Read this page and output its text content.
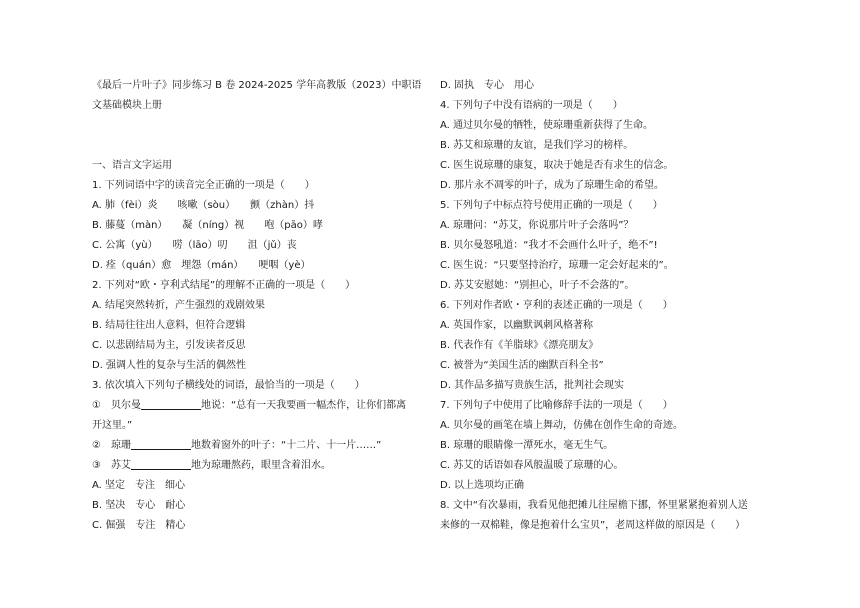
《最后一片叶子》同步练习 B 卷 2024-2025 学年高教版（2023）中职语
文基础模块上册
一、语言文字运用
1. 下列词语中字的读音完全正确的一项是（　　）
A. 肺（fèi）炎　　咳嗽（sòu）　　颤（zhàn）抖
B. 藤蔓（màn）　　凝（níng）视　　咆（pāo）哮
C. 公寓（yù）　　唠（lāo）叨　　沮（jǔ）丧
D. 痊（quán）愈　埋怨（mán）　　哽咽（yè）
2. 下列对“欧・亨利式结尾”的理解不正确的一项是（　　）
A. 结尾突然转折，产生强烈的戏剧效果
B. 结局往往出人意料，但符合逻辑
C. 以悲剧结局为主，引发读者反思
D. 强调人性的复杂与生活的偶然性
3. 依次填入下列句子横线处的词语，最恰当的一项是（　　）
①　贝尔曼	地说：“总有一天我要画一幅杰作，让你们都离
开这里。”
②　琼珊	地数着窗外的叶子：“十二片、十一片……”
③　苏艾	地为琼珊熬药，眼里含着泪水。
A. 坚定　专注　细心
B. 坚决　专心　耐心
C. 倔强　专注　精心
D. 固执　专心　用心
4. 下列句子中没有语病的一项是（　　）
A. 通过贝尔曼的牺牲，使琼珊重新获得了生命。
B. 苏艾和琼珊的友谊，是我们学习的榜样。
C. 医生说琼珊的康复，取决于她是否有求生的信念。
D. 那片永不凋零的叶子，成为了琼珊生命的希望。
5. 下列句子中标点符号使用正确的一项是（　　）
A. 琼珊问：“苏艾，你说那片叶子会落吗”？
B. 贝尔曼怒吼道：“我才不会画什么叶子，绝不”!
C. 医生说：“只要坚持治疗，琼珊一定会好起来的”。
D. 苏艾安慰她：“别担心，叶子不会落的”。
6. 下列对作者欧・亨利的表述正确的一项是（　　）
A. 英国作家，以幽默讽刺风格著称
B. 代表作有《羊脂球》《漂亮朋友》
C. 被誉为“美国生活的幽默百科全书”
D. 其作品多描写贵族生活，批判社会现实
7. 下列句子中使用了比喻修辞手法的一项是（　　）
A. 贝尔曼的画笔在墙上舞动，仿佛在创作生命的奇迹。
B. 琼珊的眼睛像一潭死水，毫无生气。
C. 苏艾的话语如春风般温暖了琼珊的心。
D. 以上选项均正确
8. 文中“有次暴雨，我看见他把摊儿往屋檐下挪，怀里紧紧抱着别人送
来修的一双棉鞋，像是抱着什么宝贝”，老周这样做的原因是（　　）
